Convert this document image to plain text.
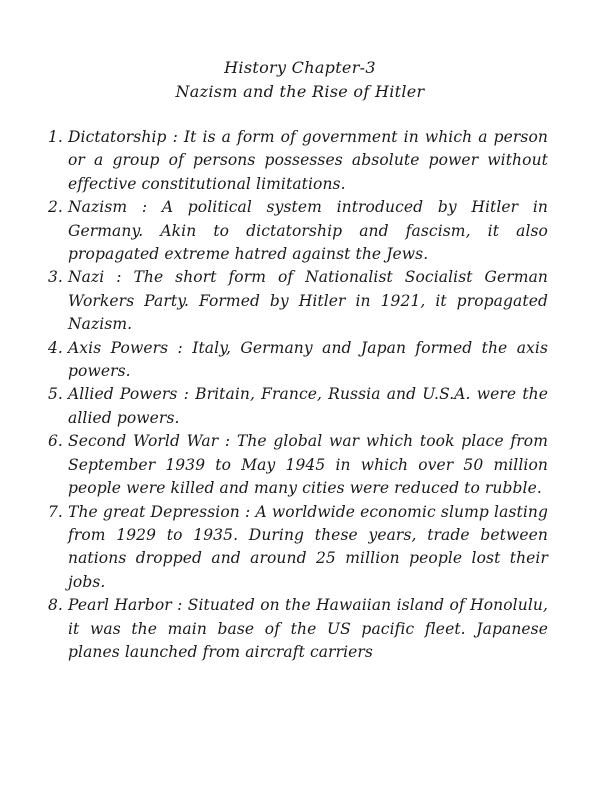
History Chapter-3
Nazism and the Rise of Hitler
1. Dictatorship : It is a form of government in which a person or a group of persons possesses absolute power without effective constitutional limitations.

2. Nazism : A political system introduced by Hitler in Germany. Akin to dictatorship and fascism, it also propagated extreme hatred against the Jews.

3. Nazi : The short form of Nationalist Socialist German Workers Party. Formed by Hitler in 1921, it propagated Nazism.

4. Axis Powers : Italy, Germany and Japan formed the axis powers.

5. Allied Powers : Britain, France, Russia and U.S.A. were the allied powers.

6. Second World War : The global war which took place from September 1939 to May 1945 in which over 50 million people were killed and many cities were reduced to rubble.

7. The great Depression : A worldwide economic slump lasting from 1929 to 1935. During these years, trade between nations dropped and around 25 million people lost their jobs.

8. Pearl Harbor : Situated on the Hawaiian island of Honolulu, it was the main base of the US pacific fleet. Japanese planes launched from aircraft carriers
